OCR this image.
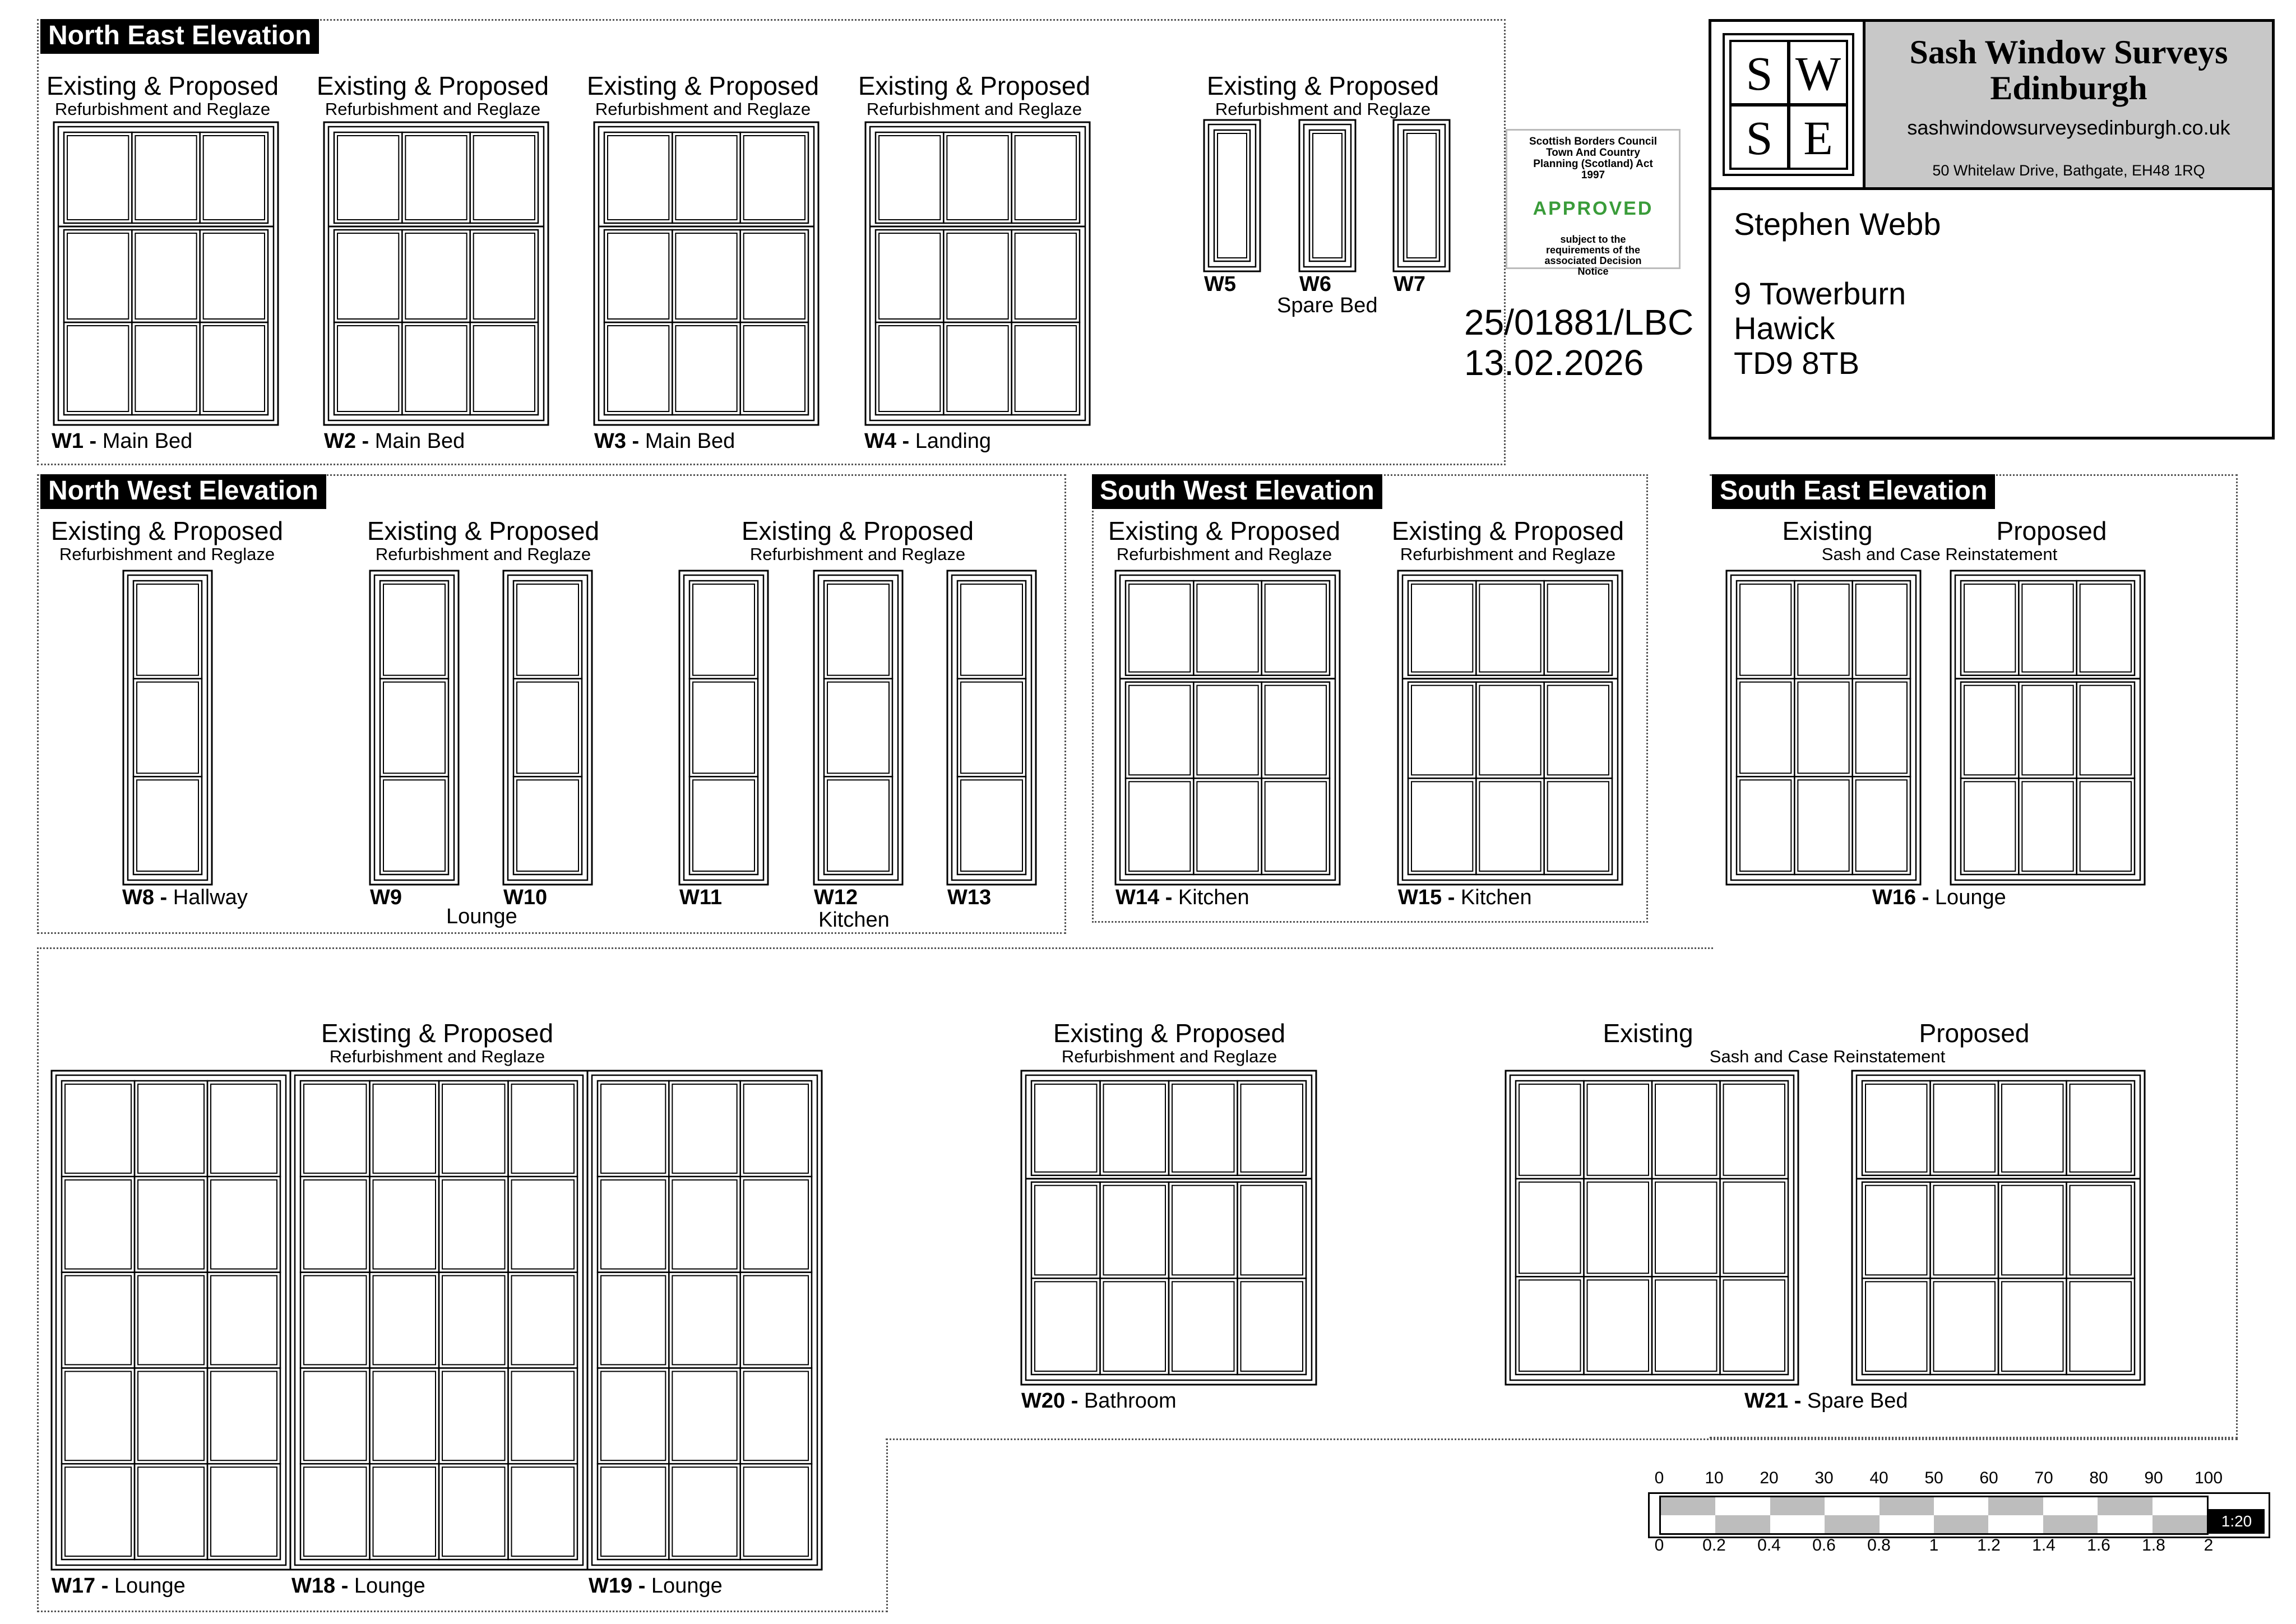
North East Elevation
North West Elevation	South West Elevation	South East Elevation
Existing & Proposed
Refurbishment and Reglaze
Existing & Proposed
Refurbishment and Reglaze
Existing & Proposed
Refurbishment and Reglaze
Existing & Proposed
Refurbishment and Reglaze
Existing & Proposed
Refurbishment and Reglaze
W1 - Main Bed	W2 - Main Bed	W3 - Main Bed	W4 - Landing
W5	W6	W7
Spare Bed
Existing & Proposed
Refurbishment and Reglaze
Existing & Proposed
Refurbishment and Reglaze
Existing & Proposed
Refurbishment and Reglaze
W8 - Hallway	W9	W10
Lounge
W11	W12	W13
Kitchen
Existing & Proposed
Refurbishment and Reglaze
Existing & Proposed
Refurbishment and Reglaze
W14 - Kitchen	W15 - Kitchen
Existing	Proposed
Sash and Case Reinstatement
W16 - Lounge
Existing & Proposed
Refurbishment and Reglaze
W17 - Lounge	W18 - Lounge	W19 - Lounge
Existing & Proposed
Refurbishment and Reglaze
W20 - Bathroom
Existing	Proposed
Sash and Case Reinstatement
W21 - Spare Bed
Scottish Borders Council
Town And Country
Planning (Scotland) Act
1997
APPROVED
subject to the
requirements of the
associated Decision
Notice
25/01881/LBC
13.02.2026
S W
S E
Sash Window Surveys
Edinburgh
sashwindowsurveysedinburgh.co.uk
50 Whitelaw Drive, Bathgate, EH48 1RQ
Stephen Webb
9 Towerburn
Hawick
TD9 8TB
1:20
0 10 20 30 40 50 60 70 80 90 100
0 0.2 0.4 0.6 0.8 1 1.2 1.4 1.6 1.8 2
